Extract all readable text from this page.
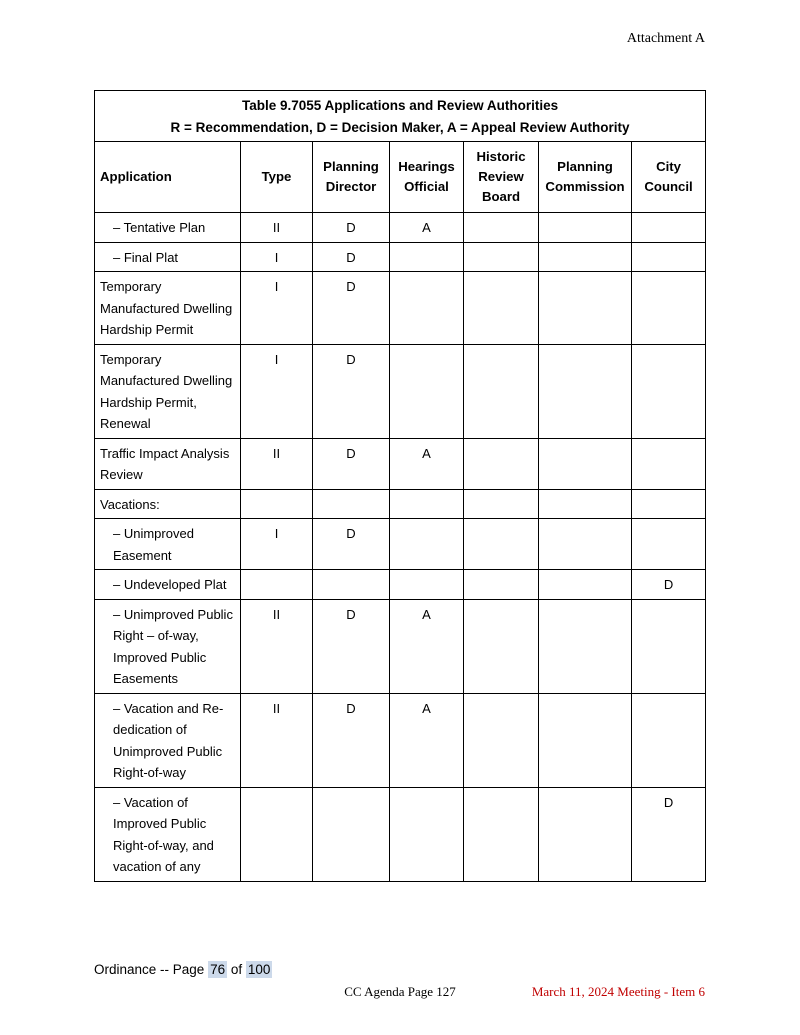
Attachment A
Table 9.7055 Applications and Review Authorities
R = Recommendation, D = Decision Maker, A = Appeal Review Authority						

Application	Type	Planning Director	Hearings Official	Historic Review Board	Planning Commission	City Council
– Tentative Plan	II	D	A			
– Final Plat	I	D				
Temporary Manufactured Dwelling Hardship Permit	I	D				
Temporary Manufactured Dwelling Hardship Permit, Renewal	I	D				
Traffic Impact Analysis Review	II	D	A			
Vacations:						
– Unimproved Easement	I	D				
– Undeveloped Plat						D
– Unimproved Public Right – of-way, Improved Public Easements	II	D	A			
– Vacation and Re-dedication of Unimproved Public Right-of-way	II	D	A			
– Vacation of Improved Public Right-of-way, and vacation of any						D
Ordinance -- Page 76 of 100
CC Agenda Page 127	March 11, 2024 Meeting - Item 6
